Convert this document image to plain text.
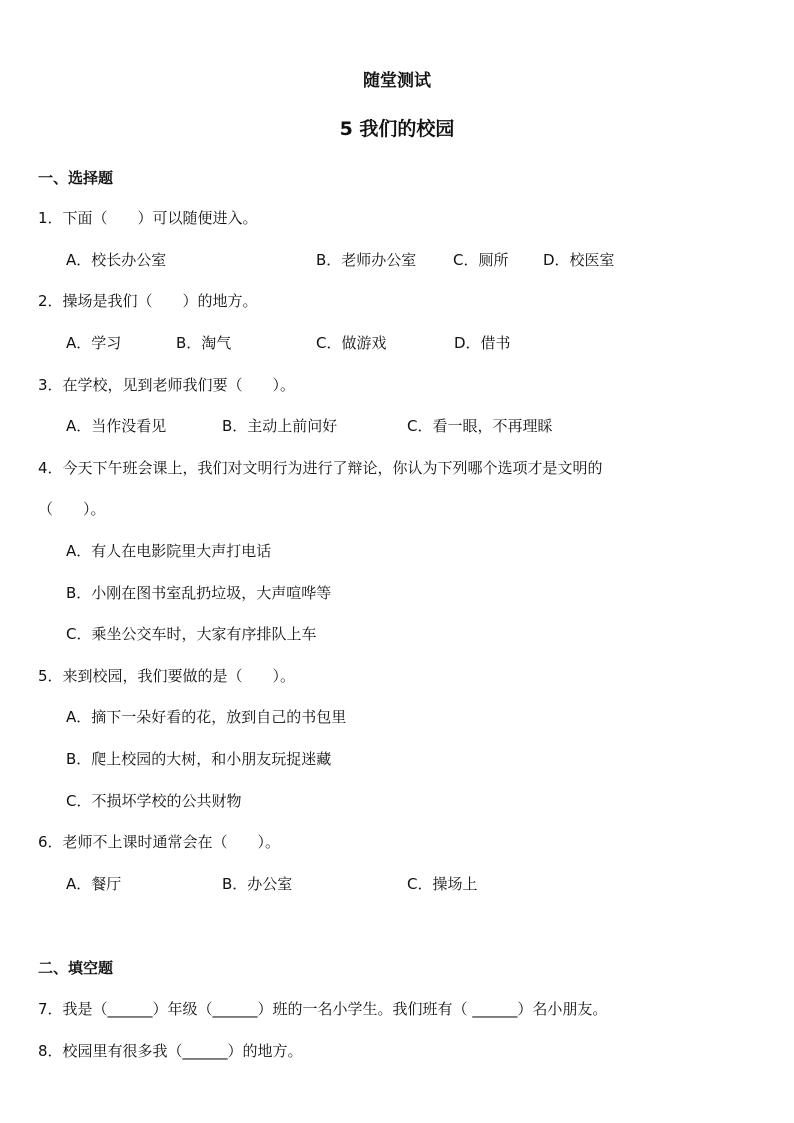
随堂测试
5 我们的校园
一、选择题
1．下面（　　）可以随便进入。
A．校长办公室	B．老师办公室 C．厕所 D．校医室
2．操场是我们（　　）的地方。
A．学习	B．淘气	C．做游戏	D．借书
3．在学校，见到老师我们要（　　）。
A．当作没看见	B．主动上前问好	C．看一眼，不再理睬
4．今天下午班会课上，我们对文明行为进行了辩论，你认为下列哪个选项才是文明的
（　　）。
A．有人在电影院里大声打电话
B．小刚在图书室乱扔垃圾，大声喧哗等
C．乘坐公交车时，大家有序排队上车
5．来到校园，我们要做的是（　　）。
A．摘下一朵好看的花，放到自己的书包里
B．爬上校园的大树，和小朋友玩捉迷藏
C．不损坏学校的公共财物
6．老师不上课时通常会在（　　）。
A．餐厅	B．办公室	C．操场上
二、填空题
7．我是（______）年级（______）班的一名小学生。我们班有（ ______）名小朋友。
8．校园里有很多我（______）的地方。
